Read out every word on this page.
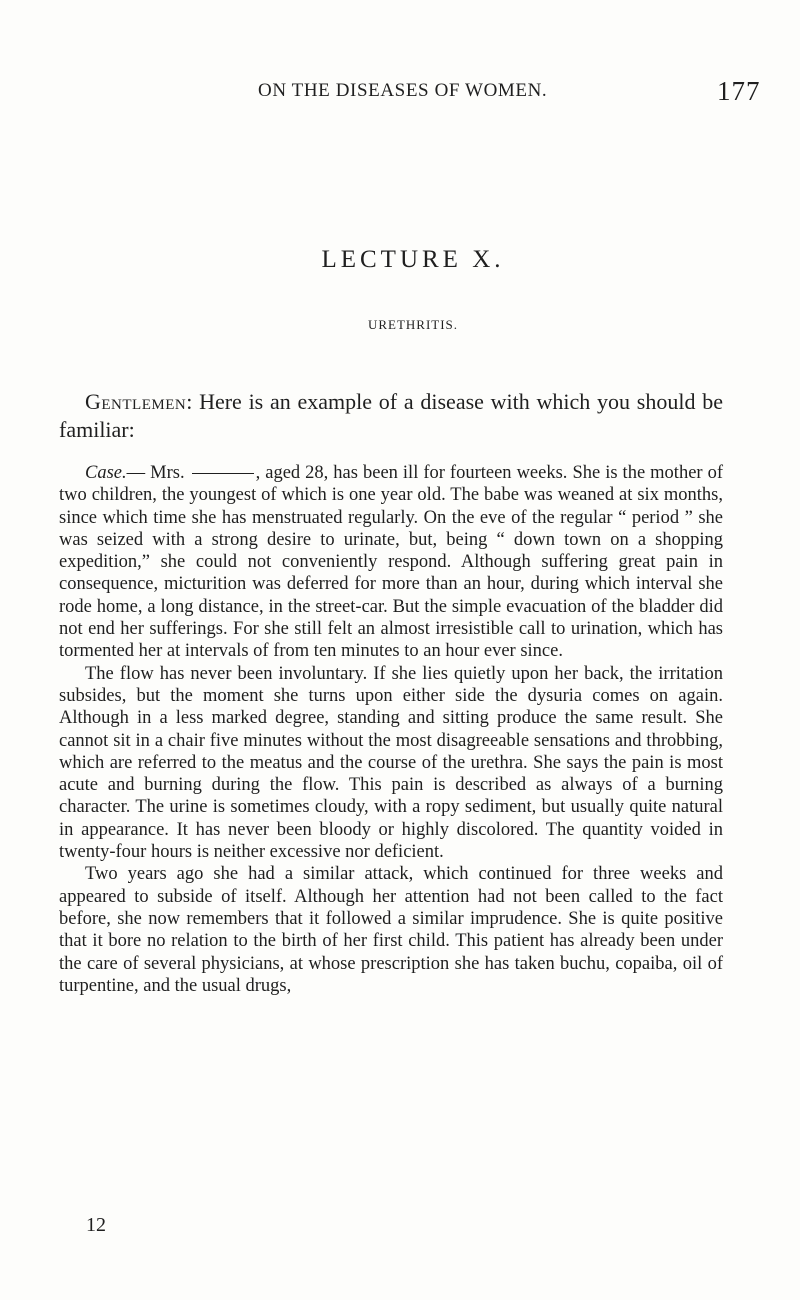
ON THE DISEASES OF WOMEN.	177
LECTURE X.
URETHRITIS.

Gentlemen: Here is an example of a disease with which you should be familiar:

Case.— Mrs.	, aged 28, has been ill for fourteen weeks. She is the mother of two children, the youngest of which is one year old. The babe was weaned at six months, since which time she has menstruated regularly. On the eve of the regular “ period ” she was seized with a strong desire to urinate, but, being “ down town on a shopping expedition,” she could not conveniently respond. Although suffering great pain in consequence, micturition was deferred for more than an hour, during which interval she rode home, a long distance, in the street-car. But the simple evacuation of the bladder did not end her sufferings. For she still felt an almost irresistible call to urination, which has tormented her at intervals of from ten minutes to an hour ever since.

The flow has never been involuntary. If she lies quietly upon her back, the irritation subsides, but the moment she turns upon either side the dysuria comes on again. Although in a less marked degree, standing and sitting produce the same result. She cannot sit in a chair five minutes without the most disagreeable sensations and throbbing, which are referred to the meatus and the course of the urethra. She says the pain is most acute and burning during the flow. This pain is described as always of a burning character. The urine is sometimes cloudy, with a ropy sediment, but usually quite natural in appearance. It has never been bloody or highly discolored. The quantity voided in twenty-four hours is neither excessive nor deficient.

Two years ago she had a similar attack, which continued for three weeks and appeared to subside of itself. Although her attention had not been called to the fact before, she now remembers that it followed a similar imprudence. She is quite positive that it bore no relation to the birth of her first child. This patient has already been under the care of several physicians, at whose prescription she has taken buchu, copaiba, oil of turpentine, and the usual drugs,

12
